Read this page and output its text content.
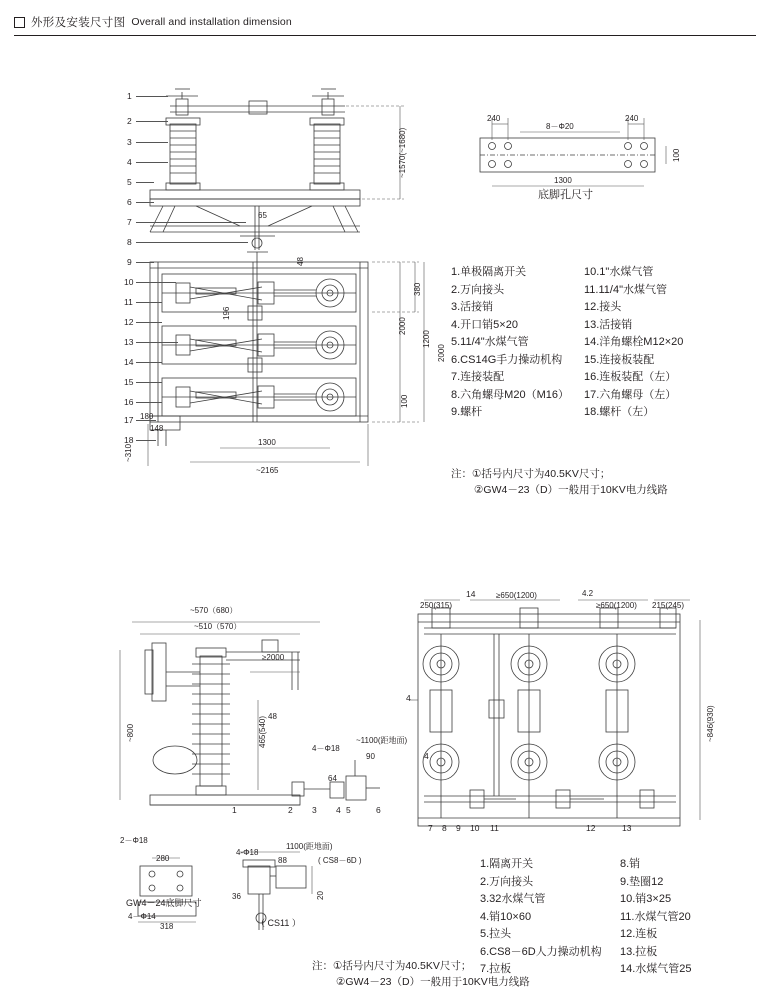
外形及安装尺寸图 Overall and installation dimension
1
2
3
4
5
6
7
8
9
10
11
12
13
14
15
16
17
18
~1570(~1680)
65
48
380
2000
1200
2000
196
100
180
148
~310
1300
~2165
240	240
8－Φ20
1300
100
底脚孔尺寸
1.单极隔离开关
2.万向接头
3.活接销
4.开口销5×20
5.11/4"水煤气管
6.CS14G手力操动机构
7.连接装配
8.六角螺母M20（M16）
9.螺杆
10.1"水煤气管
11.11/4"水煤气管
12.接头
13.活接销
14.洋角螺栓M12×20
15.连接板装配
16.连板装配（左）
17.六角螺母（左）
18.螺杆（左）
注：①括号内尺寸为40.5KV尺寸；
②GW4－23（D）一般用于10KV电力线路
~570（680）
~510（570）
≥2000
48
~800	465(540)
4－Φ18
90
~1100(距地面)
64
1	2 3 4 5	6
2－Φ18
280
GW4－24底脚尺寸
4－Φ14
318
4-Φ18
1100(距地面)
( CS8－6D )
88
20
36
（ CS11 ）
250(315)
14	≥650(1200)	4.2
≥650(1200) 215(245)
~846(930)
4
4
7 8 9 10 11	12	13
1.隔离开关
2.万向接头
3.32水煤气管
4.销10×60
5.拉头
6.CS8－6D人力操动机构
7.拉板
8.销
9.垫圈12
10.销3×25
11.水煤气管20
12.连板
13.拉板
14.水煤气管25
注：①括号内尺寸为40.5KV尺寸；
②GW4－23（D）一般用于10KV电力线路
